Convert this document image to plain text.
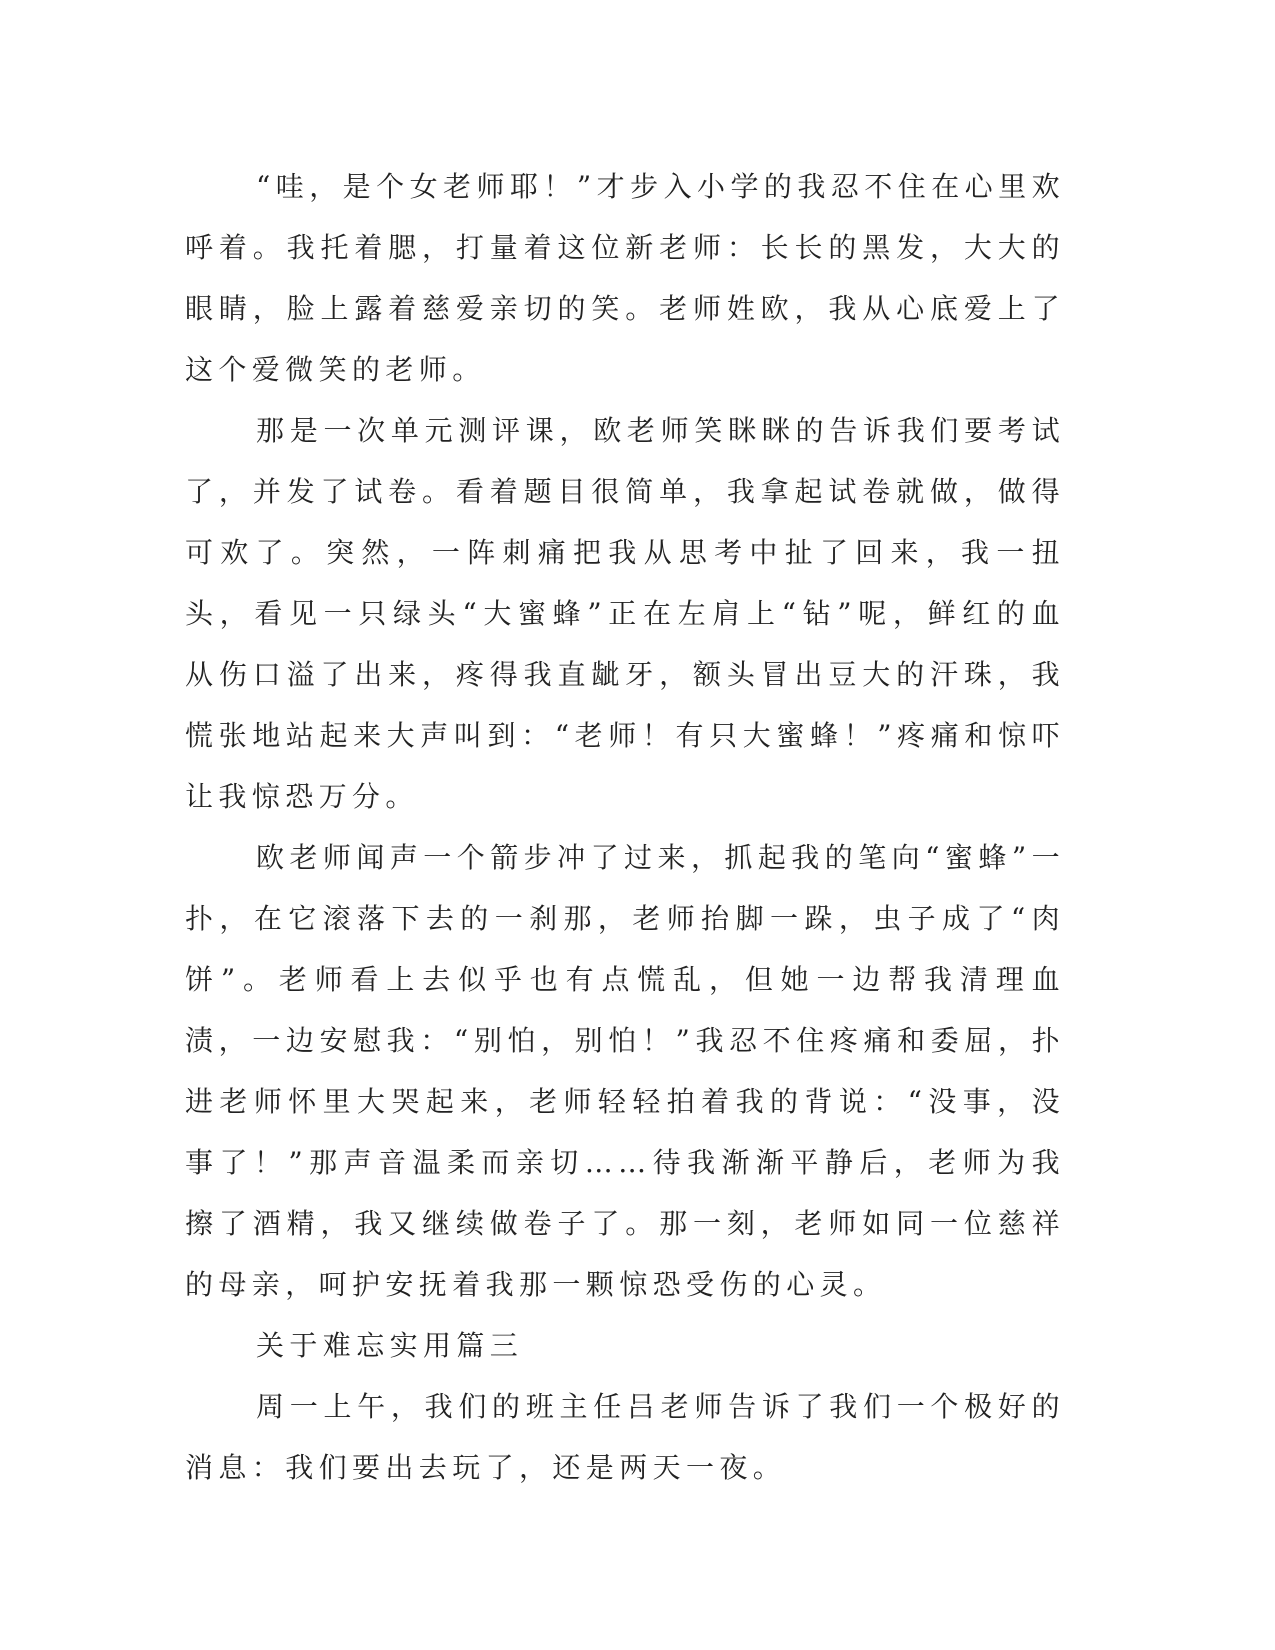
“哇，是个女老师耶！”才步入小学的我忍不住在心里欢呼着。我托着腮，打量着这位新老师：长长的黑发，大大的眼睛，脸上露着慈爱亲切的笑。老师姓欧，我从心底爱上了这个爱微笑的老师。

那是一次单元测评课，欧老师笑眯眯的告诉我们要考试了，并发了试卷。看着题目很简单，我拿起试卷就做，做得可欢了。突然，一阵刺痛把我从思考中扯了回来，我一扭头，看见一只绿头“大蜜蜂”正在左肩上“钻”呢，鲜红的血从伤口溢了出来，疼得我直龇牙，额头冒出豆大的汗珠，我慌张地站起来大声叫到：“老师！有只大蜜蜂！”疼痛和惊吓让我惊恐万分。

欧老师闻声一个箭步冲了过来，抓起我的笔向“蜜蜂”一扑，在它滚落下去的一刹那，老师抬脚一跺，虫子成了“肉饼”。老师看上去似乎也有点慌乱，但她一边帮我清理血渍，一边安慰我：“别怕，别怕！”我忍不住疼痛和委屈，扑进老师怀里大哭起来，老师轻轻拍着我的背说：“没事，没事了！”那声音温柔而亲切……待我渐渐平静后，老师为我擦了酒精，我又继续做卷子了。那一刻，老师如同一位慈祥的母亲，呵护安抚着我那一颗惊恐受伤的心灵。

关于难忘实用篇三

周一上午，我们的班主任吕老师告诉了我们一个极好的消息：我们要出去玩了，还是两天一夜。
